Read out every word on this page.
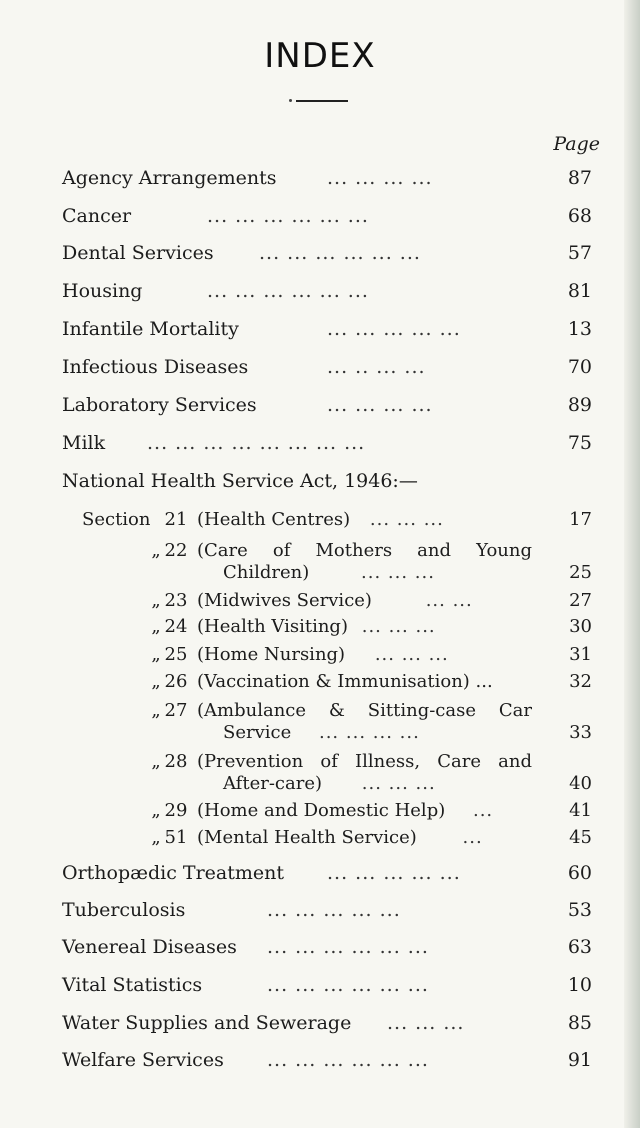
INDEX
Page
Agency Arrangements	... ... ... ...	87
Cancer	... ... ... ... ... ...	68
Dental Services ... ... ... ... ... ...	57
Housing	... ... ... ... ... ...	81
Infantile Mortality	... ... ... ... ...	13
Infectious Diseases	... .. ... ...	70
Laboratory Services	... ... ... ...	89
Milk ... ... ... ... ... ... ... ...	75
National Health Service Act, 1946:—
Section 21 (Health Centres) ... ... ...	17
„ 22 (Care of Mothers and Young
Children)	... ... ...	25
„ 23 (Midwives Service)	... ...	27
„ 24 (Health Visiting) ... ... ...	30
„ 25 (Home Nursing) ... ... ...	31
„ 26 (Vaccination & Immunisation) ...	32
„ 27 (Ambulance & Sitting-case Car
Service ... ... ... ...	33
„ 28 (Prevention of Illness, Care and
After-care) ... ... ...	40
„ 29 (Home and Domestic Help) ...	41
„ 51 (Mental Health Service)	...	45
Orthopædic Treatment ... ... ... ... ...	60
Tuberculosis	... ... ... ... ...	53
Venereal Diseases ... ... ... ... ... ...	63
Vital Statistics	... ... ... ... ... ...	10
Water Supplies and Sewerage ... ... ...	85
Welfare Services ... ... ... ... ... ...	91
